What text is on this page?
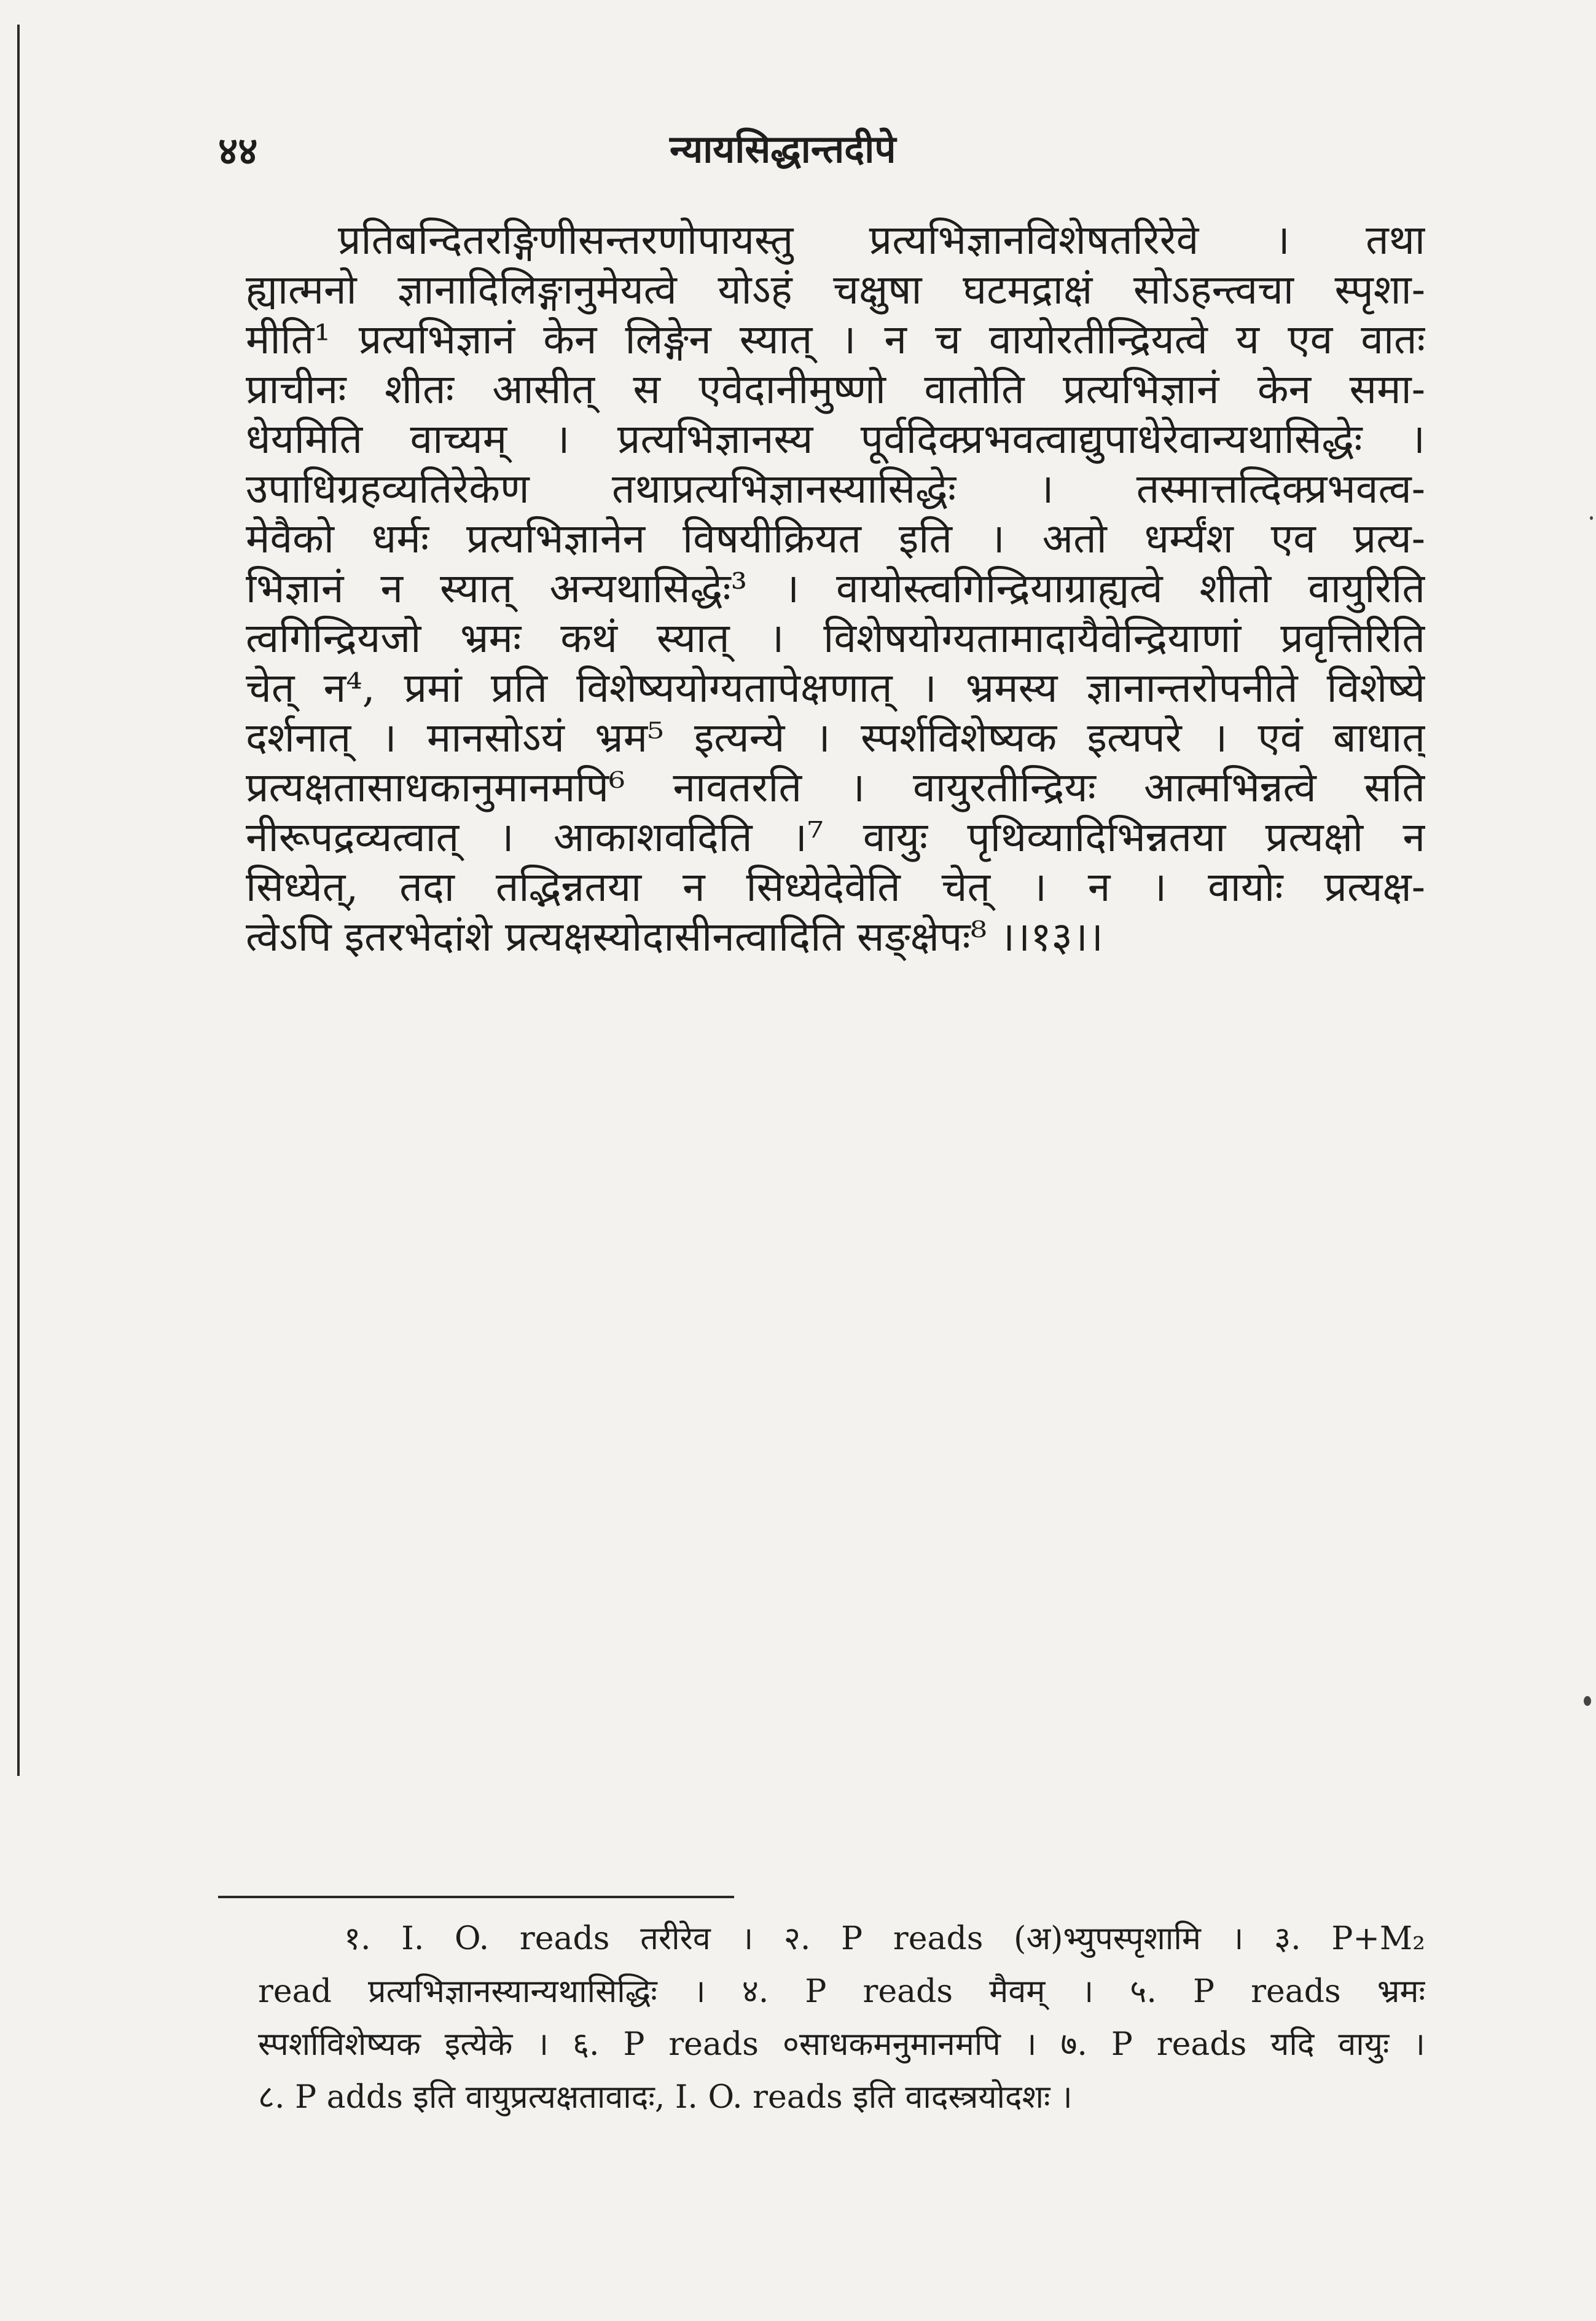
४४	न्यायसिद्धान्तदीपे
प्रतिबन्दितरङ्गिणीसन्तरणोपायस्तु प्रत्यभिज्ञानविशेषतरिरेवे । तथा
ह्यात्मनो ज्ञानादिलिङ्गानुमेयत्वे योऽहं चक्षुषा घटमद्राक्षं सोऽहन्त्वचा स्पृशा-
मीति¹ प्रत्यभिज्ञानं केन लिङ्गेन स्यात् । न च वायोरतीन्द्रियत्वे य एव वातः
प्राचीनः शीतः आसीत् स एवेदानीमुष्णो वातोति प्रत्यभिज्ञानं केन समा-
धेयमिति वाच्यम् । प्रत्यभिज्ञानस्य पूर्वदिक्प्रभवत्वाद्युपाधेरेवान्यथासिद्धेः ।
उपाधिग्रहव्यतिरेकेण तथाप्रत्यभिज्ञानस्यासिद्धेः । तस्मात्तत्दिक्प्रभवत्व-
मेवैको धर्मः प्रत्यभिज्ञानेन विषयीक्रियत इति । अतो धर्म्यंश एव प्रत्य-
भिज्ञानं न स्यात् अन्यथासिद्धेः³ । वायोस्त्वगिन्द्रियाग्राह्यत्वे शीतो वायुरिति
त्वगिन्द्रियजो भ्रमः कथं स्यात् । विशेषयोग्यतामादायैवेन्द्रियाणां प्रवृत्तिरिति
चेत् न⁴, प्रमां प्रति विशेष्ययोग्यतापेक्षणात् । भ्रमस्य ज्ञानान्तरोपनीते विशेष्ये
दर्शनात् । मानसोऽयं भ्रम⁵ इत्यन्ये । स्पर्शविशेष्यक इत्यपरे । एवं बाधात्
प्रत्यक्षतासाधकानुमानमपि⁶ नावतरति । वायुरतीन्द्रियः आत्मभिन्नत्वे सति
नीरूपद्रव्यत्वात् । आकाशवदिति ।⁷ वायुः पृथिव्यादिभिन्नतया प्रत्यक्षो न
सिध्येत्, तदा तद्भिन्नतया न सिध्येदेवेति चेत् । न । वायोः प्रत्यक्ष-
त्वेऽपि इतरभेदांशे प्रत्यक्षस्योदासीनत्वादिति सङ्क्षेपः⁸ ।।१३।।
१. I. O. reads तरीरेव । २. P reads (अ)भ्युपस्पृशामि । ३. P+M₂
read प्रत्यभिज्ञानस्यान्यथासिद्धिः । ४. P reads मैवम् । ५. P reads भ्रमः
स्पर्शाविशेष्यक इत्येके । ६. P reads ०साधकमनुमानमपि । ७. P reads यदि वायुः ।
८. P adds इति वायुप्रत्यक्षतावादः, I. O. reads इति वादस्त्रयोदशः ।
